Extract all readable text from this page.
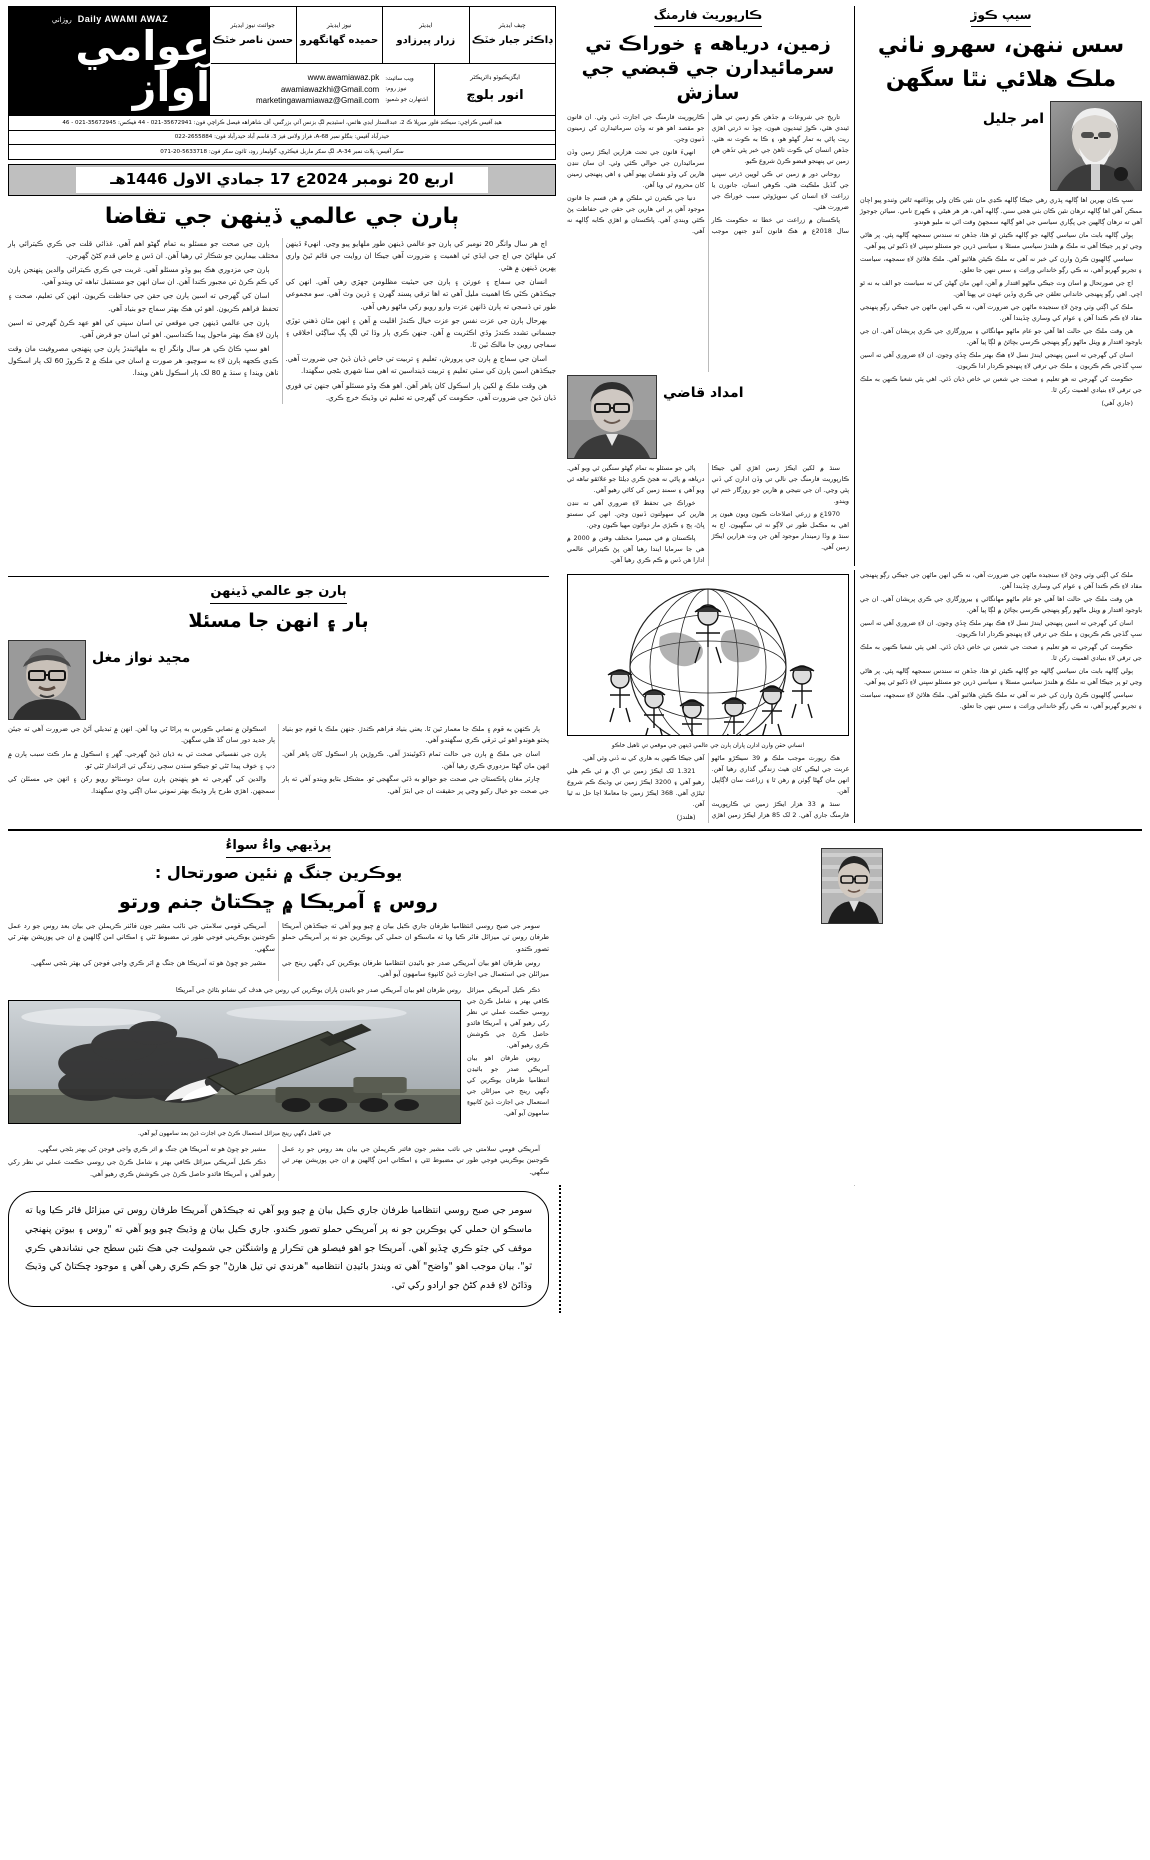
سيپ ڪوڙ
سس ننهن، سهرو ناٺي
ملڪ هلائي نٿا سگهن
امر جليل

سڀ ڪان بهرين اها ڳالهه پڌري رهي جيڪا ڳالهه ڪڍي مان نئين ڪان ولي ٻوڏائنهه ٿائين وٺندو پيو اچان ممڪن آهي اها ڳالهه ترهان نئين ڪان بٺي هجي سني. ڳالهه آهي، هر هر هيڻي ۽ ڪهرج نامي. سيائن جوجوڙ آهي ته ترهان ڳالهين جي پڳاري سياسي جي اهو ڳالهه سمجهڻ وقت اٽي نه مليو هوندو.

ٻولي ڳالهه بابت مان سياسي ڳالهه جو ڳالهه ڪيئن ٿو هئا، جڏهن ته سندس سمجهه ڳالهه پئي. پر هاڻي وڃي ٿو پر جيڪا آهي ته ملڪ ۾ هلندڙ سياسي مسئلا ۽ سياسي ڌرين جو مسئلو سڀني لاءِ ڏکيو ٿي پيو آهي.

سياسي ڳالهيون ڪرڻ وارن کي خبر نه آهي ته ملڪ ڪيئن هلائبو آهي. ملڪ هلائڻ لاءِ سمجهه، سياست ۽ تجربو گهربو آهي، نه ڪي رڳو خانداني وراثت ۽ سس ننهن جا تعلق.

اڄ جي صورتحال ۾ اسان وٽ جيڪي ماڻهو اقتدار ۾ آهن، انهن مان گهڻن کي ته سياست جو الف به نه ٿو اچي. اهي رڳو پنهنجي خانداني تعلقن جي ڪري وڏين عهدن تي پهتا آهن.

ملڪ کي اڳتي وٺي وڃڻ لاءِ سنجيده ماڻهن جي ضرورت آهي، نه ڪي انهن ماڻهن جي جيڪي رڳو پنهنجي مفاد لاءِ ڪم ڪندا آهن ۽ عوام کي وساري ڇڏيندا آهن.

هن وقت ملڪ جي حالت اها آهي جو عام ماڻهو مهانگائي ۽ بيروزگاري جي ڪري پريشان آهي. ان جي باوجود اقتدار ۾ ويٺل ماڻهو رڳو پنهنجي ڪرسي بچائڻ ۾ لڳا پيا آهن.

اسان کي گهرجي ته اسين پنهنجي ايندڙ نسل لاءِ هڪ بهتر ملڪ ڇڏي وڃون. ان لاءِ ضروري آهي ته اسين سڀ گڏجي ڪم ڪريون ۽ ملڪ جي ترقي لاءِ پنهنجو ڪردار ادا ڪريون.

حڪومت کي گهرجي ته هو تعليم ۽ صحت جي شعبن تي خاص ڌيان ڏئي. اهي ٻئي شعبا ڪنهن به ملڪ جي ترقي لاءِ بنيادي اهميت رکن ٿا.

(جاري آهي)

ڪارپوريٽ فارمنگ
زمين، درياهه ۽ خوراڪ تي سرمائيدارن جي قبضي جي سازش

تاريخ جي شروعات ۾ جڏهن ڪو زمين تي هلي ٿيندي هئي، ڪوڙ ٽينديون هيون، چوڏ نه ڌرتي اهڙي ريت پاڻي به تمار گهڻو هو، ۽ ڪا به ڪوٽ نه هئي. جڏهن انسان کي ڪوٽ ٺاهڻ جي خبر پئي تڏهن هن زمين تي پنهنجو قبضو ڪرڻ شروع ڪيو.

روحاني دور ۾ زمين تي ڪي لوڀين ڌرتي سڀني جي گڏيل ملڪيت هئي. ڪوهي انسان، جانورن يا زراعت لاءِ انسان کي سوڀڙوئي سبب خوراڪ جي ضرورت هئي.

پاڪستان ۾ زراعت تي خطا ته حڪومت ڪار سال 2018ع ۾ هڪ قانون آندو جنهن موجب ڪارپوريٽ فارمنگ جي اجازت ڏني وئي. ان قانون جو مقصد اهو هو ته وڏن سرمائيدارن کي زمينون ڏنيون وڃن.

انهيءَ قانون جي تحت هزارين ايڪڙ زمين وڏن سرمائيدارن جي حوالي ڪئي وئي. ان سان ننڍن هارين کي وڏو نقصان پهتو آهي ۽ اهي پنهنجي زمينن کان محروم ٿي ويا آهن.

دنيا جي ڪيترن ئي ملڪن ۾ هن قسم جا قانون موجود آهن پر اتي هارين جي حقن جي حفاظت پڻ ڪئي ويندي آهي. پاڪستان ۾ اهڙي ڪابه ڳالهه نه آهي.

امداد قاضي

سنڌ ۾ لکين ايڪڙ زمين اهڙي آهي جيڪا ڪارپوريٽ فارمنگ جي نالي تي وڏن ادارن کي ڏني پئي وڃي. ان جي نتيجي ۾ هارين جو روزگار ختم ٿي ويندو.

1970ع ۾ زرعي اصلاحات ڪيون ويون هيون پر اهي به مڪمل طور تي لاڳو نه ٿي سگهيون. اڄ به سنڌ ۾ وڏا زميندار موجود آهن جن وٽ هزارين ايڪڙ زمين آهي.

پاڻي جو مسئلو به تمام گهڻو سنگين ٿي ويو آهي. درياهه ۾ پاڻي نه هجڻ ڪري ڊيلٽا جو علائقو تباهه ٿي ويو آهي ۽ سمنڊ زمين کي کائي رهيو آهي.

خوراڪ جي تحفظ لاءِ ضروري آهي ته ننڍن هارين کي سهولتون ڏنيون وڃن. انهن کي سستو ڀاڻ، ٻج ۽ ڪيڙي مار دوائون مهيا ڪيون وڃن.

پاڪستان ۾ في ميمبرا مختلف وقتن ۾ 2000 ۾ هي جا سرمايا ايندا رهيا آهن پڻ ڪيترائي عالمي ادارا هن ڏس ۾ ڪم ڪري رهيا آهن.

چيف ايڊيٽر
ڊاڪٽر جبار خٽڪ
ايڊيٽر
زرار پيرزادو
نيوز ايڊيٽر
حميده گهانگهرو
جوائنٽ نيوز ايڊيٽر
حسن ناصر خٽڪ
ايگزيڪيوٽو ڊائريڪٽر
انور بلوچ
ويب سائيٽ:
نيوز روم:
اشتهارن جو شعبو:
www.awamiawaz.pk
awamiawazkhi@Gmail.com
marketingawamiawaz@Gmail.com
Daily AWAMI AWAZ
روزاني
عوامي آواز
هيڊ آفيس ڪراچي: سيڪنڊ فلور ميرپلا ڪ 2، عبدالستار ايڊي هائس، اسٽيڊيم لڳ بزنس آئي بزرگس، آف شاهراهه فيصل ڪراچي فون: 35672941-021 - 44 فيڪس: 35672945-021 - 46
حيدرآباد آفيس: بنگلو نمبر 68-A، فراز ولاس فيز 3، قاسم آباد حيدرآباد فون: 2655884-022
سکر آفيس: پلاٽ نمبر 34-A، لڳ سکر ماربل فيڪٽري، گوليمار روڊ، ٽائون سکر فون: 5633718-20-071
اربع 20 نومبر 2024ع 17 جمادي الاول 1446هـ
ٻارن جي عالمي ڏينهن جي تقاضا

اڄ هر سال وانگر 20 نومبر کي ٻارن جو عالمي ڏينهن طور ملهايو پيو وڃي. انهيءَ ڏينهن کي ملهائڻ جي اڄ جي ايڏي ئي اهميت ۽ ضرورت آهي جيڪا ان روايت جي قائم ٿيڻ واري ٻهرين ڏينهن ۾ هئي.

انسان جي سماج ۽ عورتن ۽ ٻارن جي حيثيت مظلومن جهڙي رهي آهي. انهن کي جيڪڏهن ڪٿي ڪا اهميت مليل آهي ته اها ترقي پسند گهرن ۽ ڏرين وٽ آهي. سو مجموعي طور تي ڏسجي ته ٻارن ڏانهن عزت وارو رويو رکي ماڻهو رهي آهي.

بهرحال ٻارن جي عزت نفس جو عزت خيال ڪندڙ اقليت ۾ آهن ۽ انهن مٿان ذهني توڙي جسماني تشدد ڪندڙ وڏي اڪثريت ۾ آهن. جنهن ڪري ٻار وڏا ٿي لڳ ڀڳ ساڳئي اخلاقي ۽ سماجي روين جا مالڪ ٿين ٿا.

اسان جي سماج ۾ ٻارن جي پرورش، تعليم ۽ تربيت تي خاص ڌيان ڏيڻ جي ضرورت آهي. جيڪڏهن اسين ٻارن کي سٺي تعليم ۽ تربيت ڏينداسين ته اهي سٺا شهري بڻجي سگهندا.

هن وقت ملڪ ۾ لکين ٻار اسڪول کان ٻاهر آهن. اهو هڪ وڏو مسئلو آهي جنهن تي فوري ڌيان ڏيڻ جي ضرورت آهي. حڪومت کي گهرجي ته تعليم تي وڌيڪ خرچ ڪري.

ٻارن جي صحت جو مسئلو به تمام گهڻو اهم آهي. غذائي قلت جي ڪري ڪيترائي ٻار مختلف بيمارين جو شڪار ٿي رهيا آهن. ان ڏس ۾ خاص قدم کڻڻ گهرجن.

ٻارن جي مزدوري هڪ ٻيو وڏو مسئلو آهي. غربت جي ڪري ڪيترائي والدين پنهنجن ٻارن کي ڪم ڪرڻ تي مجبور ڪندا آهن. ان سان انهن جو مستقبل تباهه ٿي ويندو آهي.

اسان کي گهرجي ته اسين ٻارن جي حقن جي حفاظت ڪريون. انهن کي تعليم، صحت ۽ تحفظ فراهم ڪريون. اهو ئي هڪ بهتر سماج جو بنياد آهي.

ٻارن جي عالمي ڏينهن جي موقعي تي اسان سڀني کي اهو عهد ڪرڻ گهرجي ته اسين ٻارن لاءِ هڪ بهتر ماحول پيدا ڪنداسين. اهو ئي اسان جو فرض آهي.

اهو سڀ ڪاڻ ڪي هر سال وانگر اڄ به ملهائيندڙ ٻارن جي پنهنجي مصروفيت مان وقت ڪڍي ڪجهه ٻارن لاءِ به سوچيو. هر صورت ۾ اسان جي ملڪ ۾ 2 ڪروڙ 60 لک ٻار اسڪول ناهن ويندا ۽ سنڌ ۾ 80 لک ٻار اسڪول ناهن ويندا.

ملڪ کي اڳتي وٺي وڃڻ لاءِ سنجيده ماڻهن جي ضرورت آهي، نه ڪي انهن ماڻهن جي جيڪي رڳو پنهنجي مفاد لاءِ ڪم ڪندا آهن ۽ عوام کي وساري ڇڏيندا آهن.

هن وقت ملڪ جي حالت اها آهي جو عام ماڻهو مهانگائي ۽ بيروزگاري جي ڪري پريشان آهي. ان جي باوجود اقتدار ۾ ويٺل ماڻهو رڳو پنهنجي ڪرسي بچائڻ ۾ لڳا پيا آهن.

اسان کي گهرجي ته اسين پنهنجي ايندڙ نسل لاءِ هڪ بهتر ملڪ ڇڏي وڃون. ان لاءِ ضروري آهي ته اسين سڀ گڏجي ڪم ڪريون ۽ ملڪ جي ترقي لاءِ پنهنجو ڪردار ادا ڪريون.

حڪومت کي گهرجي ته هو تعليم ۽ صحت جي شعبن تي خاص ڌيان ڏئي. اهي ٻئي شعبا ڪنهن به ملڪ جي ترقي لاءِ بنيادي اهميت رکن ٿا.

ٻولي ڳالهه بابت مان سياسي ڳالهه جو ڳالهه ڪيئن ٿو هئا، جڏهن ته سندس سمجهه ڳالهه پئي. پر هاڻي وڃي ٿو پر جيڪا آهي ته ملڪ ۾ هلندڙ سياسي مسئلا ۽ سياسي ڌرين جو مسئلو سڀني لاءِ ڏکيو ٿي پيو آهي.

سياسي ڳالهيون ڪرڻ وارن کي خبر نه آهي ته ملڪ ڪيئن هلائبو آهي. ملڪ هلائڻ لاءِ سمجهه، سياست ۽ تجربو گهربو آهي، نه ڪي رڳو خانداني وراثت ۽ سس ننهن جا تعلق.

انساني حقن وارن ادارن پاران ٻارن جي عالمي ڏينهن جي موقعي تي ٺاهيل خاڪو

هڪ رپورٽ موجب ملڪ ۾ 39 سيڪڙو ماڻهو غربت جي ليڪي کان هيٺ زندگي گذاري رهيا آهن. انهن مان گهڻا ڳوٺن ۾ رهن ٿا ۽ زراعت سان لاڳاپيل آهن.

سنڌ ۾ 33 هزار ايڪڙ زمين تي ڪارپوريٽ فارمنگ جاري آهي. 2 لک 85 هزار ايڪڙ زمين اهڙي آهي جيڪا ڪنهن به هاري کي نه ڏني وئي آهي.

1.321 لک ايڪڙ زمين تي اڳ ۾ ئي ڪم هلي رهيو آهي ۽ 3200 ايڪڙ زمين تي وڌيڪ ڪم شروع ٿيڻڙي آهي. 368 ايڪڙ زمين جا معاملا اڃا حل نه ٿيا آهن.

(هلندڙ)

ٻارن جو عالمي ڏينهن
ٻار ۽ انهن جا مسئلا
مجيد نواز مغل

ٻار ڪنهن به قوم ۽ ملڪ جا معمار ٿين ٿا. يعني بنياد فراهم ڪندڙ. جنهن ملڪ يا قوم جو بنياد پختو هوندو اهو ئي ترقي ڪري سگهندو آهي.

اسان جي ملڪ ۾ ٻارن جي حالت تمام ڏکوئيندڙ آهي. ڪروڙين ٻار اسڪول کان ٻاهر آهن. انهن مان گهڻا مزدوري ڪري رهيا آهن.

چارٽر مغان پاڪستان جي صحت جو حوالو به ڏئي سگهجي ٿو. مشڪل بٺايو ويندو آهي ته ٻار جي صحت جو خيال رکيو وڃي پر حقيقت ان جي ابتڙ آهي.

اسڪولن ۾ نصابي ڪورس به پراڻا ٿي ويا آهن. انهن ۾ تبديلي آڻڻ جي ضرورت آهي ته جيئن ٻار جديد دور سان گڏ هلي سگهن.

ٻارن جي نفسياتي صحت تي به ڌيان ڏيڻ گهرجي. گهر ۽ اسڪول ۾ مار ڪٽ سبب ٻارن ۾ ڊپ ۽ خوف پيدا ٿئي ٿو جيڪو سندن سڄي زندگي تي اثرانداز ٿئي ٿو.

والدين کي گهرجي ته هو پنهنجن ٻارن سان دوستاڻو رويو رکن ۽ انهن جي مسئلن کي سمجهن. اهڙي طرح ٻار وڌيڪ بهتر نموني سان اڳتي وڌي سگهندا.

پرڏيهي واءُ سواءُ
يوڪرين جنگ ۾ نئين صورتحال :
روس ۽ آمريڪا ۾ ڇڪتاڻ جنم ورتو

سومر جي صبح روسي انتظاميا طرفان جاري ڪيل بيان ۾ چيو ويو آهي ته جيڪڏهن آمريڪا طرفان روس تي ميزائل فائر ڪيا ويا ته ماسڪو ان حملي کي يوڪرين جو نه پر آمريڪي حملو تصور ڪندو.

روس طرفان اهو بيان آمريڪي صدر جو بائيڊن انتظاميا طرفان يوڪرين کي ڊگهي رينج جي ميزائلن جي استعمال جي اجازت ڏيڻ کانپوءِ سامهون آيو آهي.

آمريڪي قومي سلامتي جي نائب مشير جون فائنر ڪريملن جي بيان بعد روس جو رد عمل ڪوجنين يوڪريني فوجي طور تي مضبوط ٿئي ۽ امڪاني امن ڳالهين ۾ ان جي پوزيشن بهتر ٿي سگهي.

مشير جو چوڻ هو ته آمريڪا هن جنگ ۾ اثر ڪري واجي فوجن کي بهتر بڻجي سگهي.

ذڪر ڪيل آمريڪي ميزائل ڪافي بهتر ۽ شامل ڪرڻ جي روسي حڪمت عملي تي نظر رکي رهيو آهي ۽ آمريڪا فائدو حاصل ڪرڻ جي ڪوشش ڪري رهيو آهي.

روس طرفان اهو بيان آمريڪي صدر جو بائيڊن انتظاميا طرفان يوڪرين کي ڊگهي رينج جي ميزائلن جي استعمال جي اجازت ڏيڻ کانپوءِ سامهون آيو آهي.

روس طرفان اهو بيان آمريڪي صدر جو بائيڊن ٻاران يوڪرين کي روس جي هدف کي نشانو بڻائڻ جي آمريڪا
جي ٽاهيل ڊگهي رينج ميزائل استعمال ڪرڻ جي اجازت ڏيڻ بعد سامهون آيو آهي.

آمريڪي قومي سلامتي جي نائب مشير جون فائنر ڪريملن جي بيان بعد روس جو رد عمل ڪوجنين يوڪريني فوجي طور تي مضبوط ٿئي ۽ امڪاني امن ڳالهين ۾ ان جي پوزيشن بهتر ٿي سگهي.

مشير جو چوڻ هو ته آمريڪا هن جنگ ۾ اثر ڪري واجي فوجن کي بهتر بڻجي سگهي.

ذڪر ڪيل آمريڪي ميزائل ڪافي بهتر ۽ شامل ڪرڻ جي روسي حڪمت عملي تي نظر رکي رهيو آهي ۽ آمريڪا فائدو حاصل ڪرڻ جي ڪوشش ڪري رهيو آهي.

سومر جي صبح روسي انتظاميا طرفان جاري ڪيل بيان ۾ چيو ويو آهي ته جيڪڏهن آمريڪا طرفان روس تي ميزائل فائر ڪيا ويا ته ماسڪو ان حملي کي يوڪرين جو نه پر آمريڪي حملو تصور ڪندو. جاري ڪيل بيان ۾ وڌيڪ چيو ويو آهي ته "روس ۽ بيوتن پنهنجي موقف کي جٽو ڪري ڇڏيو آهي. آمريڪا جو اهو فيصلو هن تڪرار ۾ واشنگٽن جي شموليت جي هڪ نئين سطح جي نشاندهي ڪري ٿو". بيان موجب اهو "واضح" آهي ته ويندڙ بائيڊن انتظاميه "هرندي تي تيل هارڻ" جو ڪم ڪري رهي آهي ۽ موجود ڇڪتاڻ کي وڌيڪ وڌائڻ لاءِ قدم کڻڻ جو ارادو رکي ٿي.
